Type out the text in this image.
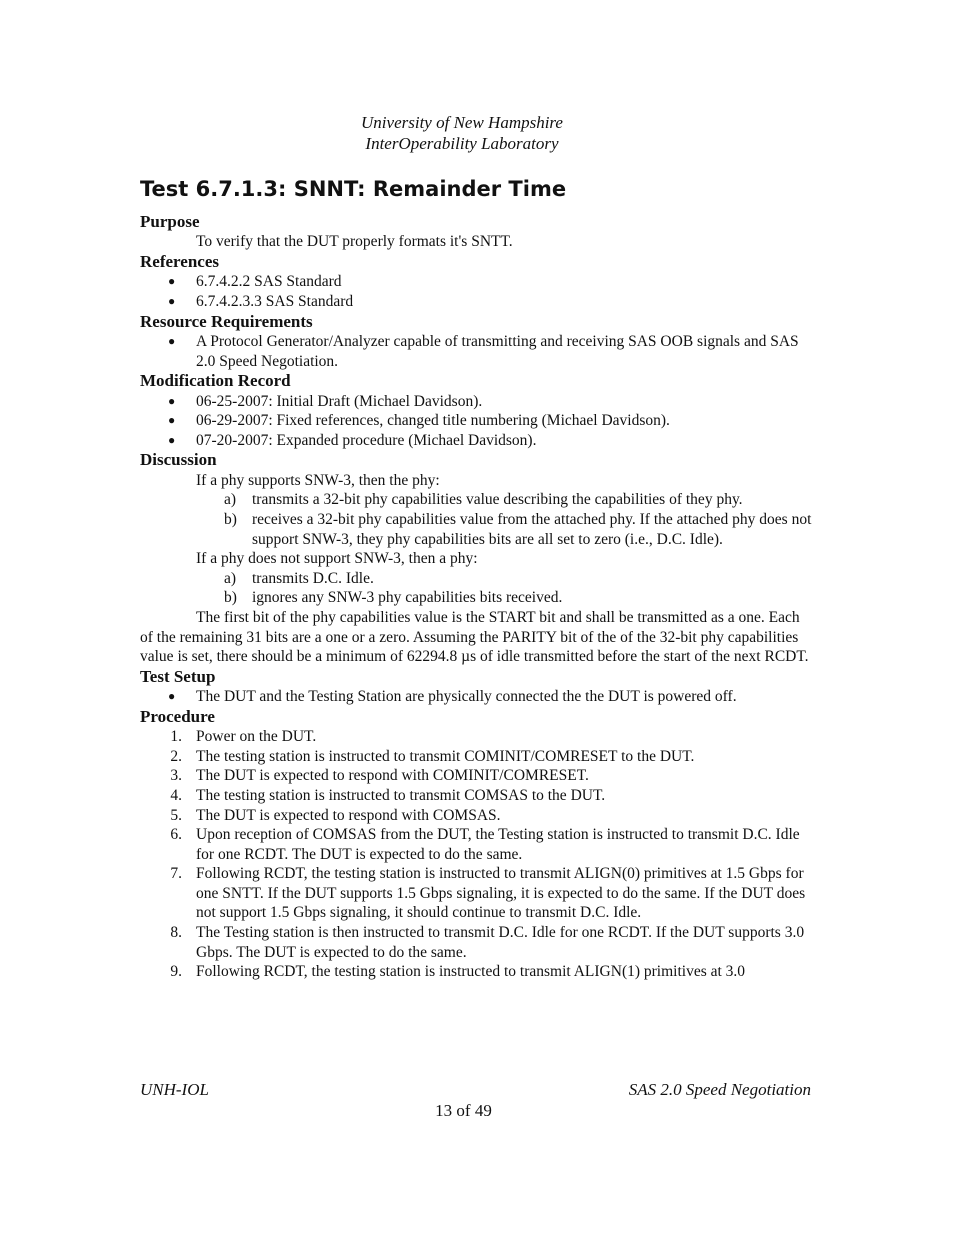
University of New Hampshire
InterOperability Laboratory
Test 6.7.1.3: SNNT: Remainder Time
Purpose
To verify that the DUT properly formats it's SNTT.
References
● 6.7.4.2.2 SAS Standard
● 6.7.4.2.3.3 SAS Standard
Resource Requirements
● A Protocol Generator/Analyzer capable of transmitting and receiving SAS OOB signals and SAS 2.0 Speed Negotiation.
Modification Record
● 06-25-2007: Initial Draft (Michael Davidson).
● 06-29-2007: Fixed references, changed title numbering (Michael Davidson).
● 07-20-2007: Expanded procedure (Michael Davidson).
Discussion
If a phy supports SNW-3, then the phy:
a) transmits a 32-bit phy capabilities value describing the capabilities of they phy.
b) receives a 32-bit phy capabilities value from the attached phy. If the attached phy does not support SNW-3, they phy capabilities bits are all set to zero (i.e., D.C. Idle).
If a phy does not support SNW-3, then a phy:
a) transmits D.C. Idle.
b) ignores any SNW-3 phy capabilities bits received.
The first bit of the phy capabilities value is the START bit and shall be transmitted as a one. Each of the remaining 31 bits are a one or a zero. Assuming the PARITY bit of the of the 32-bit phy capabilities value is set, there should be a minimum of 62294.8 µs of idle transmitted before the start of the next RCDT.
Test Setup
● The DUT and the Testing Station are physically connected the the DUT is powered off.
Procedure
1. Power on the DUT.
2. The testing station is instructed to transmit COMINIT/COMRESET to the DUT.
3. The DUT is expected to respond with COMINIT/COMRESET.
4. The testing station is instructed to transmit COMSAS to the DUT.
5. The DUT is expected to respond with COMSAS.
6. Upon reception of COMSAS from the DUT, the Testing station is instructed to transmit D.C. Idle for one RCDT. The DUT is expected to do the same.
7. Following RCDT, the testing station is instructed to transmit ALIGN(0) primitives at 1.5 Gbps for one SNTT. If the DUT supports 1.5 Gbps signaling, it is expected to do the same. If the DUT does not support 1.5 Gbps signaling, it should continue to transmit D.C. Idle.
8. The Testing station is then instructed to transmit D.C. Idle for one RCDT. If the DUT supports 3.0 Gbps. The DUT is expected to do the same.
9. Following RCDT, the testing station is instructed to transmit ALIGN(1) primitives at 3.0
UNH-IOL	SAS 2.0 Speed Negotiation
13 of 49
